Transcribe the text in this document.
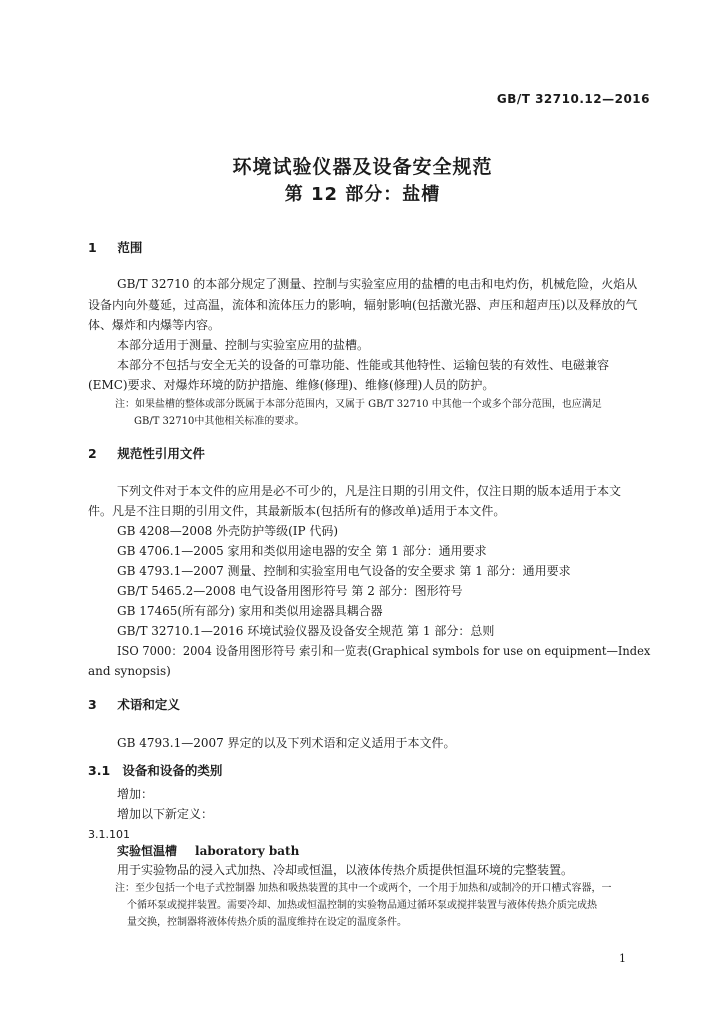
GB/T 32710.12—2016
环境试验仪器及设备安全规范
第 12 部分：盐槽
1 范围
GB/T 32710 的本部分规定了测量、控制与实验室应用的盐槽的电击和电灼伤，机械危险，火焰从
设备内向外蔓延，过高温，流体和流体压力的影响，辐射影响(包括激光器、声压和超声压)以及释放的气
体、爆炸和内爆等内容。
本部分适用于测量、控制与实验室应用的盐槽。
本部分不包括与安全无关的设备的可靠功能、性能或其他特性、运输包装的有效性、电磁兼容
(EMC)要求、对爆炸环境的防护措施、维修(修理)、维修(修理)人员的防护。
注：如果盐槽的整体或部分既属于本部分范围内，又属于 GB/T 32710 中其他一个或多个部分范围，也应满足
GB/T 32710中其他相关标准的要求。
2 规范性引用文件
下列文件对于本文件的应用是必不可少的，凡是注日期的引用文件，仅注日期的版本适用于本文
件。凡是不注日期的引用文件，其最新版本(包括所有的修改单)适用于本文件。
GB 4208—2008 外壳防护等级(IP 代码)
GB 4706.1—2005 家用和类似用途电器的安全 第 1 部分：通用要求
GB 4793.1—2007 测量、控制和实验室用电气设备的安全要求 第 1 部分：通用要求
GB/T 5465.2—2008 电气设备用图形符号 第 2 部分：图形符号
GB 17465(所有部分) 家用和类似用途器具耦合器
GB/T 32710.1—2016 环境试验仪器及设备安全规范 第 1 部分：总则
ISO 7000：2004 设备用图形符号 索引和一览表(Graphical symbols for use on equipment—Index
and synopsis)
3 术语和定义
GB 4793.1—2007 界定的以及下列术语和定义适用于本文件。
3.1 设备和设备的类别
增加：
增加以下新定义：
3.1.101
实验恒温槽 laboratory bath
用于实验物品的浸入式加热、冷却或恒温，以液体传热介质提供恒温环境的完整装置。
注：至少包括一个电子式控制器 加热和吸热装置的其中一个或两个，一个用于加热和/或制冷的开口槽式容器，一
个循环泵或搅拌装置。需要冷却、加热或恒温控制的实验物品通过循环泵或搅拌装置与液体传热介质完成热
量交换，控制器将液体传热介质的温度维持在设定的温度条件。
1
